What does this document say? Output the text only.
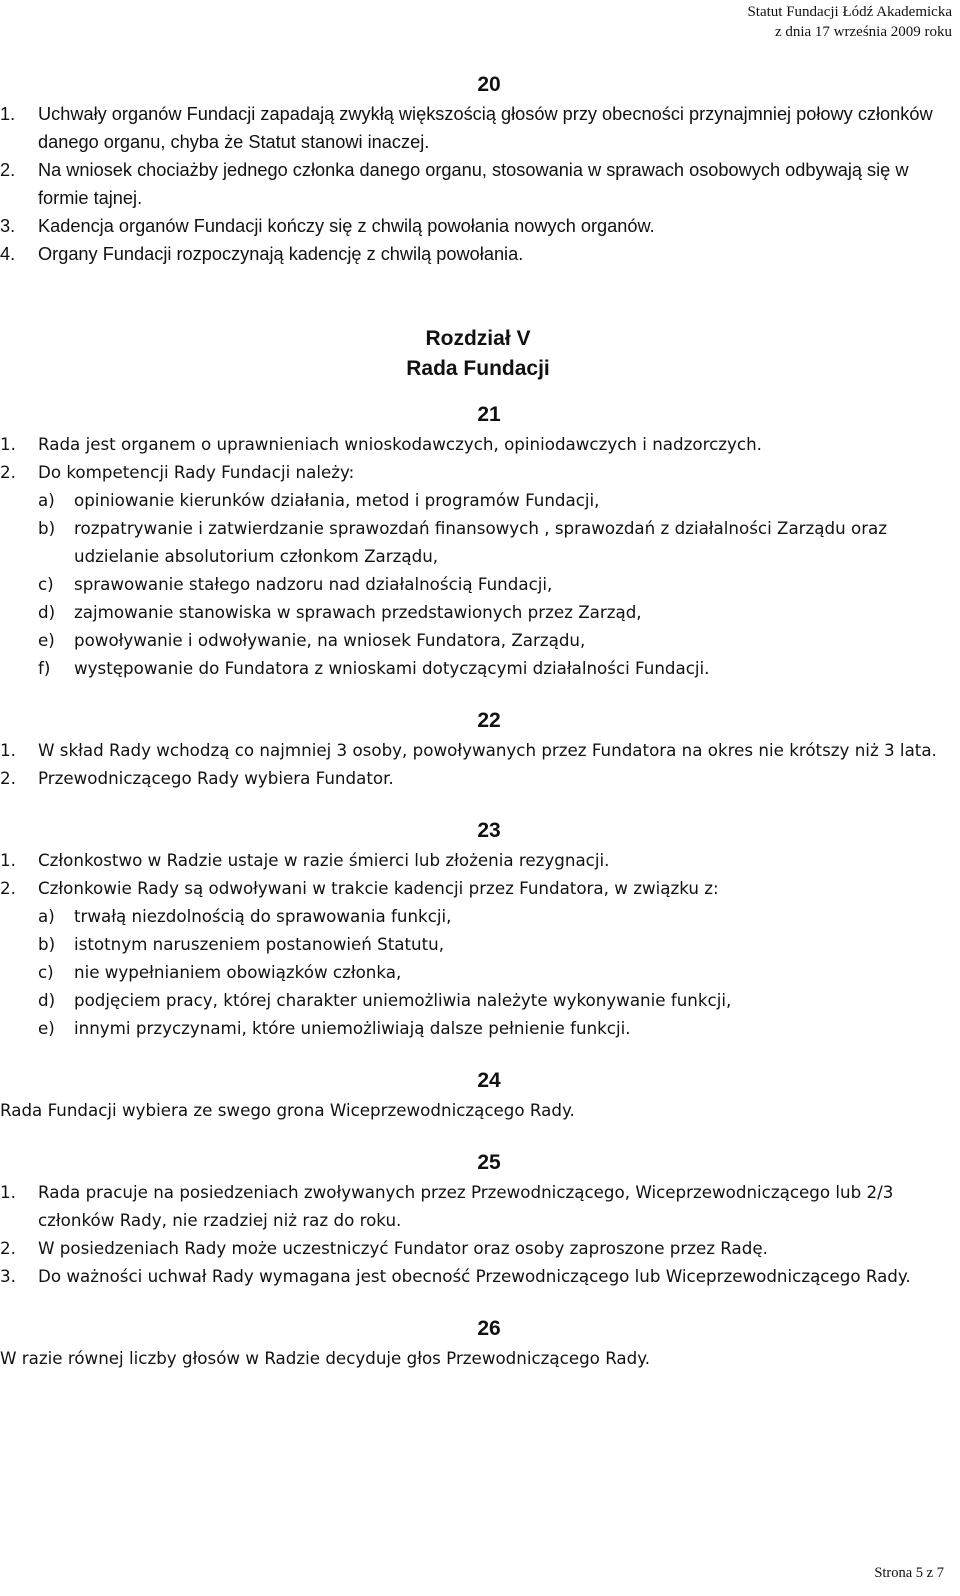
Statut Fundacji Łódź Akademicka
z dnia 17 września 2009 roku
20
1.	Uchwały organów Fundacji zapadają zwykłą większością głosów przy obecności przynajmniej połowy członków danego organu, chyba że Statut stanowi inaczej.
2.	Na wniosek chociażby jednego członka danego organu, stosowania w sprawach osobowych odbywają się w formie tajnej.
3.	Kadencja organów Fundacji kończy się z chwilą powołania nowych organów.
4.	Organy Fundacji rozpoczynają kadencję z chwilą powołania.
Rozdział V
Rada Fundacji
21
1.	Rada jest organem o uprawnieniach wnioskodawczych, opiniodawczych i nadzorczych.
2.	Do kompetencji Rady Fundacji należy:
a)	opiniowanie kierunków działania, metod i programów Fundacji,
b)	rozpatrywanie i zatwierdzanie sprawozdań finansowych , sprawozdań z działalności Zarządu oraz udzielanie absolutorium członkom Zarządu,
c)	sprawowanie stałego nadzoru nad działalnością Fundacji,
d)	zajmowanie stanowiska w sprawach przedstawionych przez Zarząd,
e)	powoływanie i odwoływanie, na wniosek Fundatora, Zarządu,
f)	występowanie do Fundatora z wnioskami dotyczącymi działalności Fundacji.
22
1.	W skład Rady wchodzą co najmniej 3 osoby, powoływanych przez Fundatora na okres nie krótszy niż 3 lata.
2.	Przewodniczącego Rady wybiera Fundator.
23
1.	Członkostwo w Radzie ustaje w razie śmierci lub złożenia rezygnacji.
2.	Członkowie Rady są odwoływani w trakcie kadencji przez Fundatora, w związku z:
a)	trwałą niezdolnością do sprawowania funkcji,
b)	istotnym naruszeniem postanowień Statutu,
c)	nie wypełnianiem obowiązków członka,
d)	podjęciem pracy, której charakter uniemożliwia należyte wykonywanie funkcji,
e)	innymi przyczynami, które uniemożliwiają dalsze pełnienie funkcji.
24
Rada Fundacji wybiera ze swego grona Wiceprzewodniczącego Rady.
25
1.	Rada pracuje na posiedzeniach zwoływanych przez Przewodniczącego, Wiceprzewodniczącego lub 2/3 członków Rady, nie rzadziej niż raz do roku.
2.	W posiedzeniach Rady może uczestniczyć Fundator oraz osoby zaproszone przez Radę.
3.	Do ważności uchwał Rady wymagana jest obecność Przewodniczącego lub Wiceprzewodniczącego Rady.
26
W razie równej liczby głosów w Radzie decyduje głos Przewodniczącego Rady.
Strona 5 z 7
